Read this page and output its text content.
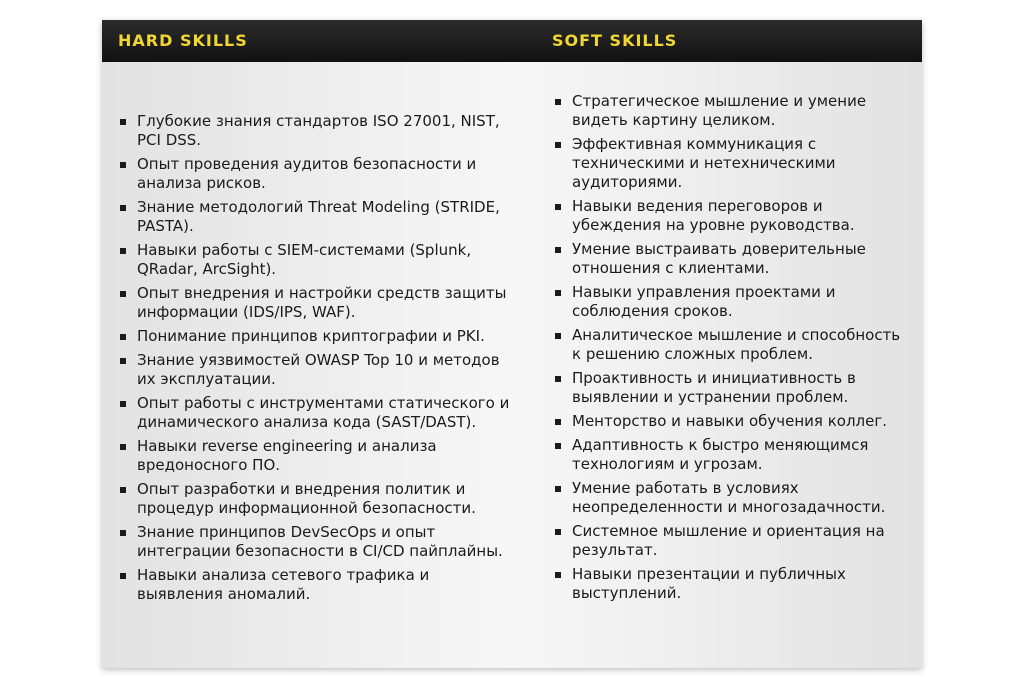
HARD SKILLS	SOFT SKILLS
Глубокие знания стандартов ISO 27001, NIST, PCI DSS.
Опыт проведения аудитов безопасности и анализа рисков.
Знание методологий Threat Modeling (STRIDE, PASTA).
Навыки работы с SIEM-системами (Splunk, QRadar, ArcSight).
Опыт внедрения и настройки средств защиты информации (IDS/IPS, WAF).
Понимание принципов криптографии и PKI.
Знание уязвимостей OWASP Top 10 и методов их эксплуатации.
Опыт работы с инструментами статического и динамического анализа кода (SAST/DAST).
Навыки reverse engineering и анализа вредоносного ПО.
Опыт разработки и внедрения политик и процедур информационной безопасности.
Знание принципов DevSecOps и опыт интеграции безопасности в CI/CD пайплайны.
Навыки анализа сетевого трафика и выявления аномалий.
Стратегическое мышление и умение видеть картину целиком.
Эффективная коммуникация с техническими и нетехническими аудиториями.
Навыки ведения переговоров и убеждения на уровне руководства.
Умение выстраивать доверительные отношения с клиентами.
Навыки управления проектами и соблюдения сроков.
Аналитическое мышление и способность к решению сложных проблем.
Проактивность и инициативность в выявлении и устранении проблем.
Менторство и навыки обучения коллег.
Адаптивность к быстро меняющимся технологиям и угрозам.
Умение работать в условиях неопределенности и многозадачности.
Системное мышление и ориентация на результат.
Навыки презентации и публичных выступлений.
